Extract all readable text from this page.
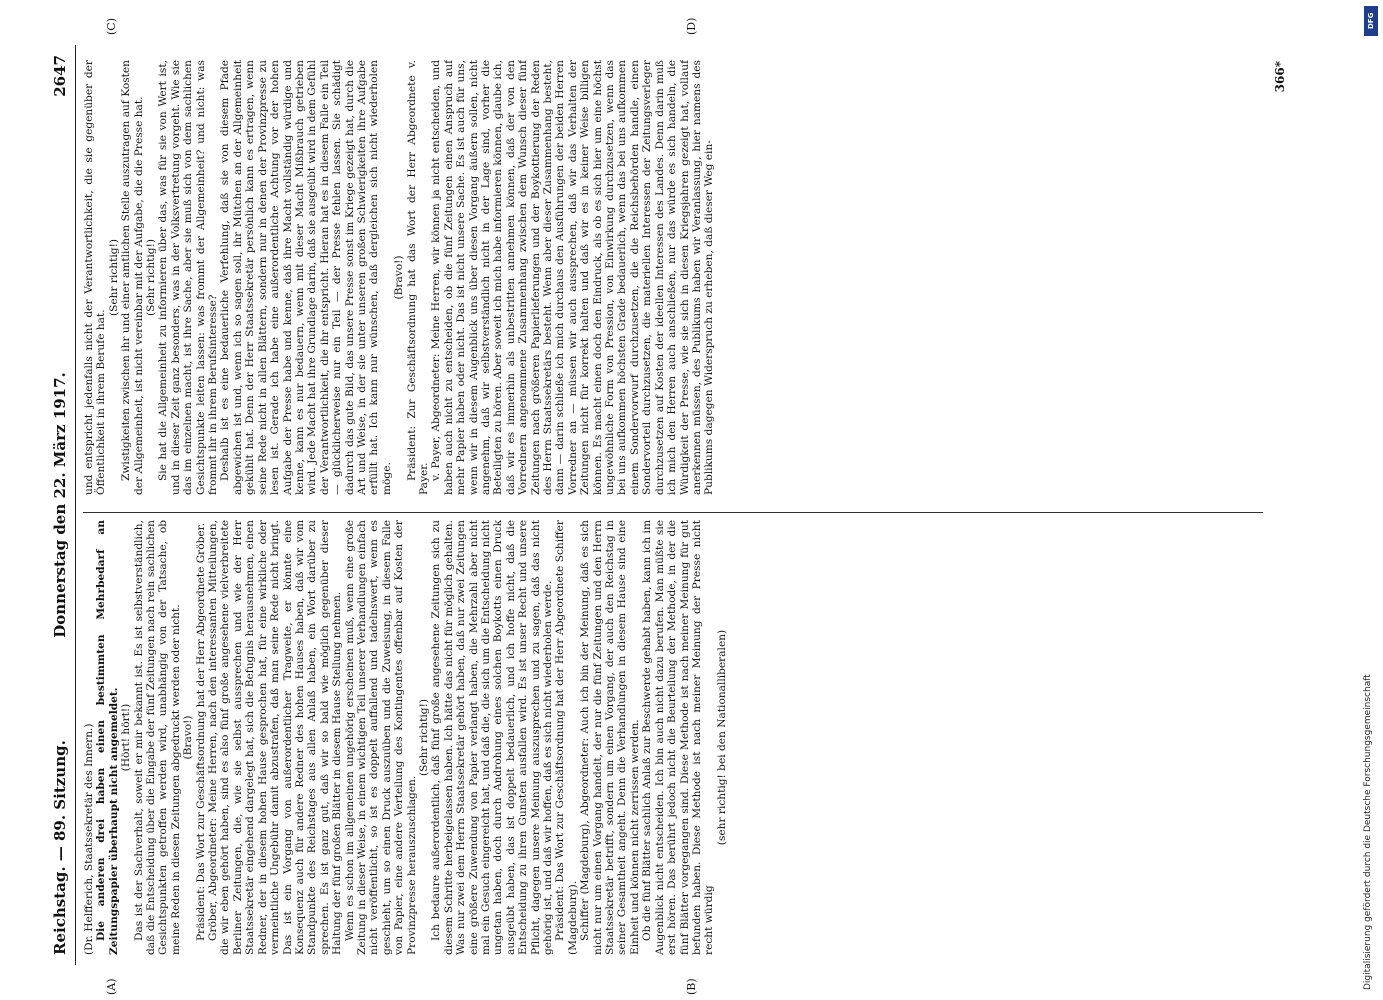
DFG
Digitalisierung gefördert durch die Deutsche Forschungsgemeinschaft
Reichstag. — 89. Sitzung.
Donnerstag den 22. März 1917.
2647
(A)	(B)
(C)	(D)

(Dr. Helfferich, Staatssekretär des Innern.) Die anderen drei haben einen bestimmten Mehrbedarf an Zeitungspapier überhaupt nicht angemeldet. (Hört! hört!) Das ist der Sachverhalt, soweit er mir bekannt ist. Es ist selbstverständlich, daß die Entscheidung über die Eingabe der fünf Zeitungen nach rein sachlichen Gesichtspunkten getroffen werden wird, unabhängig von der Tatsache, ob meine Reden in diesen Zeitungen abgedruckt werden oder nicht. (Bravo!) Präsident: Das Wort zur Geschäftsordnung hat der Herr Abgeordnete Gröber. Gröber, Abgeordneter: Meine Herren, nach den interessanten Mitteilungen, die wir eben gehört haben, sind es also fünf große angesehene vielverbreitete Berliner Zeitungen, die, wie sie selbst aussprechen und wie der Herr Staatssekretär eingehend dargelegt hat, sich die Befugnis herausnehmen, einen Redner, der in diesem hohen Hause gesprochen hat, für eine wirkliche oder vermeintliche Ungebühr damit abzustrafen, daß man seine Rede nicht bringt. Das ist ein Vorgang von außerordentlicher Tragweite, er könnte eine Konsequenz auch für andere Redner des hohen Hauses haben, daß wir vom Standpunkte des Reichstages aus allen Anlaß haben, ein Wort darüber zu sprechen. Es ist ganz gut, daß wir so bald wie möglich gegenüber dieser Haltung der fünf großen Blätter in diesem Hause Stellung nehmen. Wenn es schon im allgemeinen ungehörig erscheinen muß, wenn eine große Zeitung in dieser Weise, in einem wichtigen Teil unserer Verhandlungen einfach nicht veröffentlicht, so ist es doppelt auffallend und tadelnswert, wenn es geschieht, um so einen Druck auszuüben und die Zuweisung, in diesem Falle von Papier, eine andere Verteilung des Kontingentes offenbar auf Kosten der Provinzpresse herauszuschlagen.

(Sehr richtig!) Ich bedaure außerordentlich, daß fünf große angesehene Zeitungen sich zu diesem Schritte herbeigelassen haben. Ich hätte das nicht für möglich gehalten. Was nur zwei dem Herrn Staatssekretär gehört haben, daß nur zwei Zeitungen eine größere Zuwendung von Papier verlangt haben, die Mehrzahl aber nicht mal ein Gesuch eingereicht hat, und daß die, die sich um die Entscheidung nicht ungetan haben, doch durch Androhung eines solchen Boykotts einen Druck ausgeübt haben, das ist doppelt bedauerlich, und ich hoffe nicht, daß die Entscheidung zu ihren Gunsten ausfallen wird. Es ist unser Recht und unsere Pflicht, dagegen unsere Meinung auszusprechen und zu sagen, daß das nicht gehörig ist, und daß wir hoffen, daß es sich nicht wiederholen werde. Präsident: Das Wort zur Geschäftsordnung hat der Herr Abgeordnete Schiffer (Magdeburg). Schiffer (Magdeburg), Abgeordneter: Auch ich bin der Meinung, daß es sich nicht nur um einen Vorgang handelt, der nur die fünf Zeitungen und den Herrn Staatssekretär betrifft, sondern um einen Vorgang, der auch den Reichstag in seiner Gesamtheit angeht. Denn die Verhandlungen in diesem Hause sind eine Einheit und können nicht zerrissen werden. Ob die fünf Blätter sachlich Anlaß zur Beschwerde gehabt haben, kann ich im Augenblick nicht entscheiden. Ich bin auch nicht dazu berufen. Man müßte sie erst hören. Das berührt jedoch nicht die Beurteilung der Methode, in der die fünf Blätter vorgegangen sind. Diese Methode ist nach meiner Meinung für gut befunden haben. Diese Methode ist nach meiner Meinung der Presse nicht recht würdig

(sehr richtig! bei den Nationalliberalen)

und entspricht jedenfalls nicht der Verantwortlichkeit, die sie gegenüber der Öffentlichkeit in ihrem Berufe hat.

(Sehr richtig!) Zwistigkeiten zwischen ihr und einer amtlichen Stelle auszutragen auf Kosten der Allgemeinheit, ist nicht vereinbar mit der Aufgabe, die die Presse hat. (Sehr richtig!) Sie hat die Allgemeinheit zu informieren über das, was für sie von Wert ist, und in dieser Zeit ganz besonders, was in der Volksvertretung vorgeht. Wie sie das im einzelnen macht, ist ihre Sache, aber sie muß sich von dem sachlichen Gesichtspunkte leiten lassen: was frommt der Allgemeinheit? und nicht: was frommt ihr in ihrem Berufsinteresse? Deshalb ist es eine bedauerliche Verfehlung, daß sie von diesem Pfade abgewichen ist und, wenn ich so sagen soll, ihr Mütchen an der Allgemeinheit gekühlt hat. Denn der Herr Staatssekretär persönlich kann es ertragen, wenn seine Rede nicht in allen Blättern, sondern nur in denen der Provinzpresse zu lesen ist. Gerade ich habe eine außerordentliche Achtung vor der hohen Aufgabe der Presse habe und kenne, daß ihre Macht vollständig würdige und kenne, kann es nur bedauern, wenn mit dieser Macht Mißbrauch getrieben wird. Jede Macht hat ihre Grundlage darin, daß sie ausgeübt wird in dem Gefühl der Verantwortlichkeit, die ihr entspricht. Hieran hat es in diesem Falle ein Teil — glücklicherweise nur ein Teil — der Presse fehlen lassen. Sie schädigt dadurch das gute Bild, das unsere Presse sonst im Kriege gezeigt hat, durch die Art und Weise, in der sie unter unseren großen Schwierigkeiten ihre Aufgabe erfüllt hat. Ich kann nur wünschen, daß dergleichen sich nicht wiederholen möge.

(Bravo!) Präsident: Zur Geschäftsordnung hat das Wort der Herr Abgeordnete v. Payer. v. Payer, Abgeordneter: Meine Herren, wir können ja nicht entscheiden, und haben auch nicht zu entscheiden, ob die fünf Zeitungen einen Anspruch auf mehr Papier haben oder nicht. Das ist nicht unsere Sache. Es ist auch für uns, wenn wir in diesem Augenblick uns über diesen Vorgang äußern sollen, nicht angenehm, daß wir selbstverständlich nicht in der Lage sind, vorher die Beteiligten zu hören. Aber soweit ich mich habe informieren können, glaube ich, daß wir es immerhin als unbestritten annehmen können, daß der von den Vorrednern angenommene Zusammenhang zwischen dem Wunsch dieser fünf Zeitungen nach größeren Papierlieferungen und der Boykottierung der Reden des Herrn Staatssekretärs besteht. Wenn aber dieser Zusammenhang besteht, dann — darin schließe ich mich durchaus den Ausführungen der beiden Herren Vorredner an — müssen wir auch aussprechen, daß wir das Verhalten der Zeitungen nicht für korrekt halten und daß wir es in keiner Weise billigen können. Es macht einen doch den Eindruck, als ob es sich hier um eine höchst ungewöhnliche Form von Pression, von Einwirkung durchzusetzen, wenn das bei uns aufkommen höchsten Grade bedauerlich, wenn das bei uns aufkommen einem Sondervorwurf durchzusetzen, die die Reichsbehörden handle, einen Sondervorteil durchzusetzen, die materiellen Interessen der Zeitungsverleger durchzusetzen auf Kosten der ideellen Interessen des Landes. Denn darin muß ich mich den Herren auch anschließen, nur das würde es sich handeln, die Würdigkeit der Presse, wie sie sich in diesen Kriegsjahren gezeigt hat, vollauf anerkennen müssen, des Publikums haben wir Veranlassung, hier namens des Publikums dagegen Widerspruch zu erheben, daß dieser Weg ein-

366*
